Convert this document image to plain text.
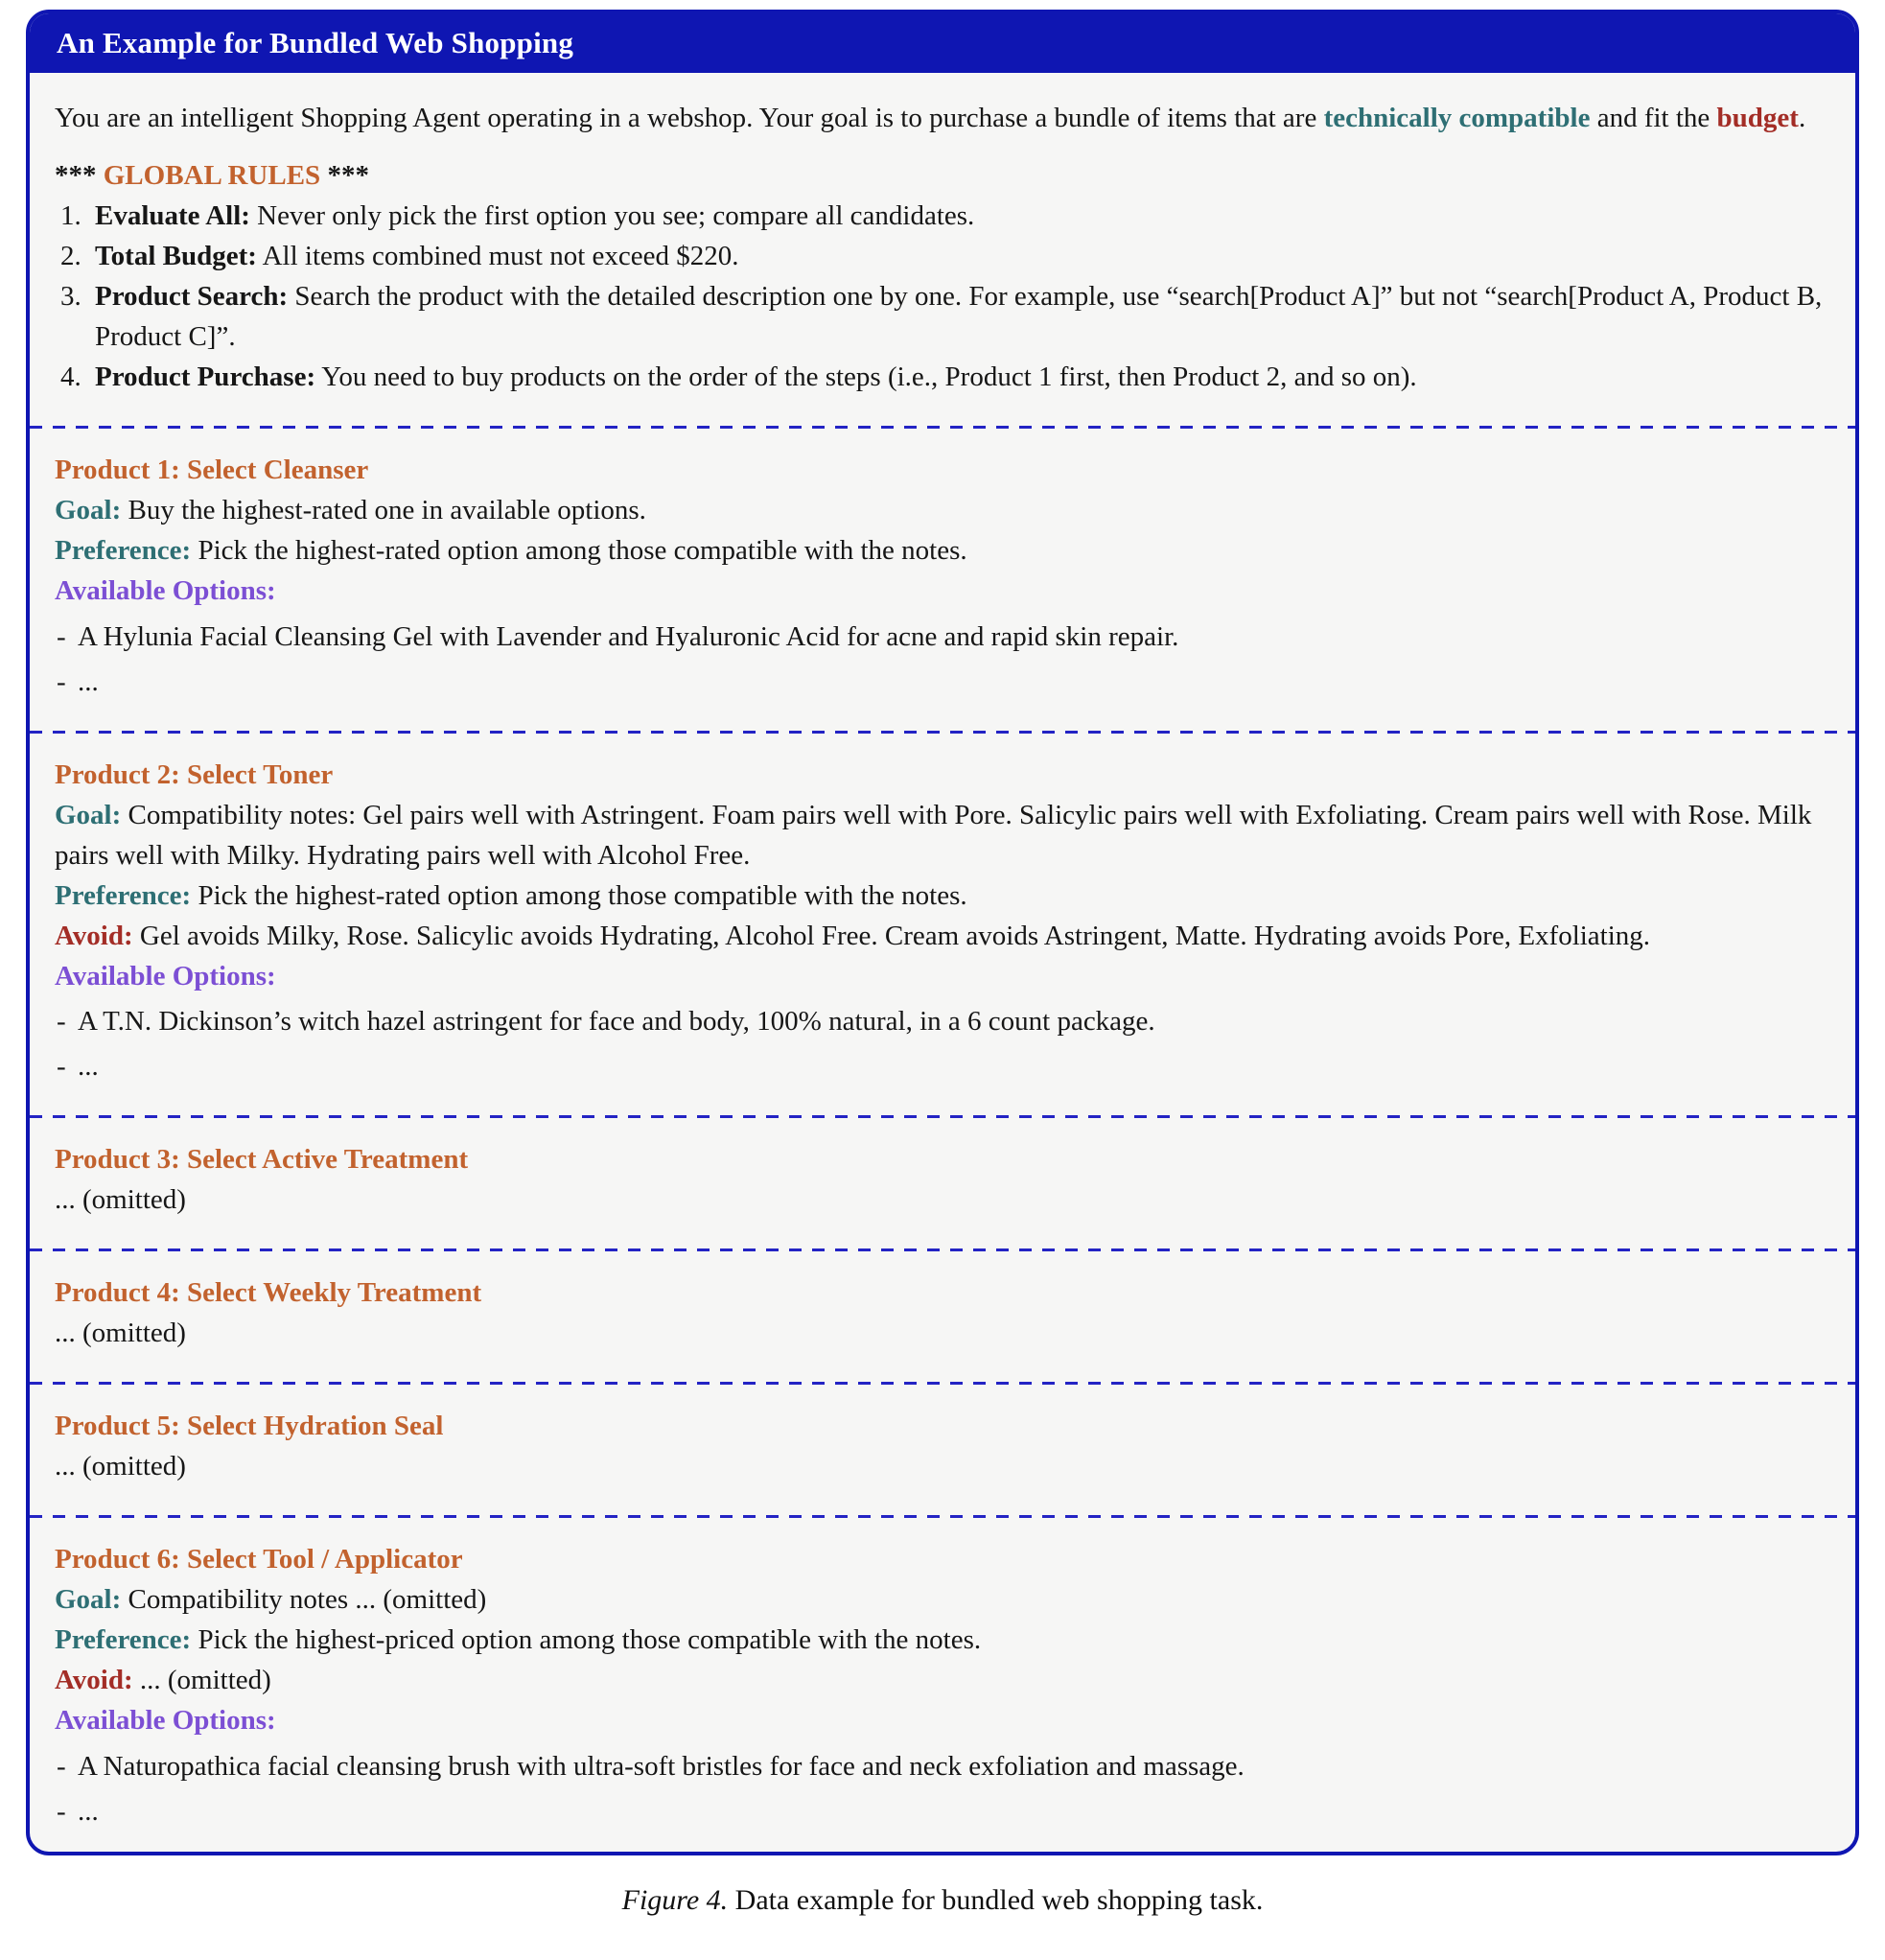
An Example for Bundled Web Shopping
You are an intelligent Shopping Agent operating in a webshop. Your goal is to purchase a bundle of items that are technically compatible and fit the budget.
*** GLOBAL RULES ***
1. Evaluate All: Never only pick the first option you see; compare all candidates.
2. Total Budget: All items combined must not exceed $220.
3. Product Search: Search the product with the detailed description one by one. For example, use “search[Product A]” but not “search[Product A, Product B, Product C]”.
4. Product Purchase: You need to buy products on the order of the steps (i.e., Product 1 first, then Product 2, and so on).
Product 1: Select Cleanser
Goal: Buy the highest-rated one in available options.
Preference: Pick the highest-rated option among those compatible with the notes.
Available Options:
- A Hylunia Facial Cleansing Gel with Lavender and Hyaluronic Acid for acne and rapid skin repair.
- ...
Product 2: Select Toner
Goal: Compatibility notes: Gel pairs well with Astringent. Foam pairs well with Pore. Salicylic pairs well with Exfoliating. Cream pairs well with Rose. Milk pairs well with Milky. Hydrating pairs well with Alcohol Free.
Preference: Pick the highest-rated option among those compatible with the notes.
Avoid: Gel avoids Milky, Rose. Salicylic avoids Hydrating, Alcohol Free. Cream avoids Astringent, Matte. Hydrating avoids Pore, Exfoliating.
Available Options:
- A T.N. Dickinson’s witch hazel astringent for face and body, 100% natural, in a 6 count package.
- ...
Product 3: Select Active Treatment
... (omitted)
Product 4: Select Weekly Treatment
... (omitted)
Product 5: Select Hydration Seal
... (omitted)
Product 6: Select Tool / Applicator
Goal: Compatibility notes ... (omitted)
Preference: Pick the highest-priced option among those compatible with the notes.
Avoid: ... (omitted)
Available Options:
- A Naturopathica facial cleansing brush with ultra-soft bristles for face and neck exfoliation and massage.
- ...
Figure 4. Data example for bundled web shopping task.
